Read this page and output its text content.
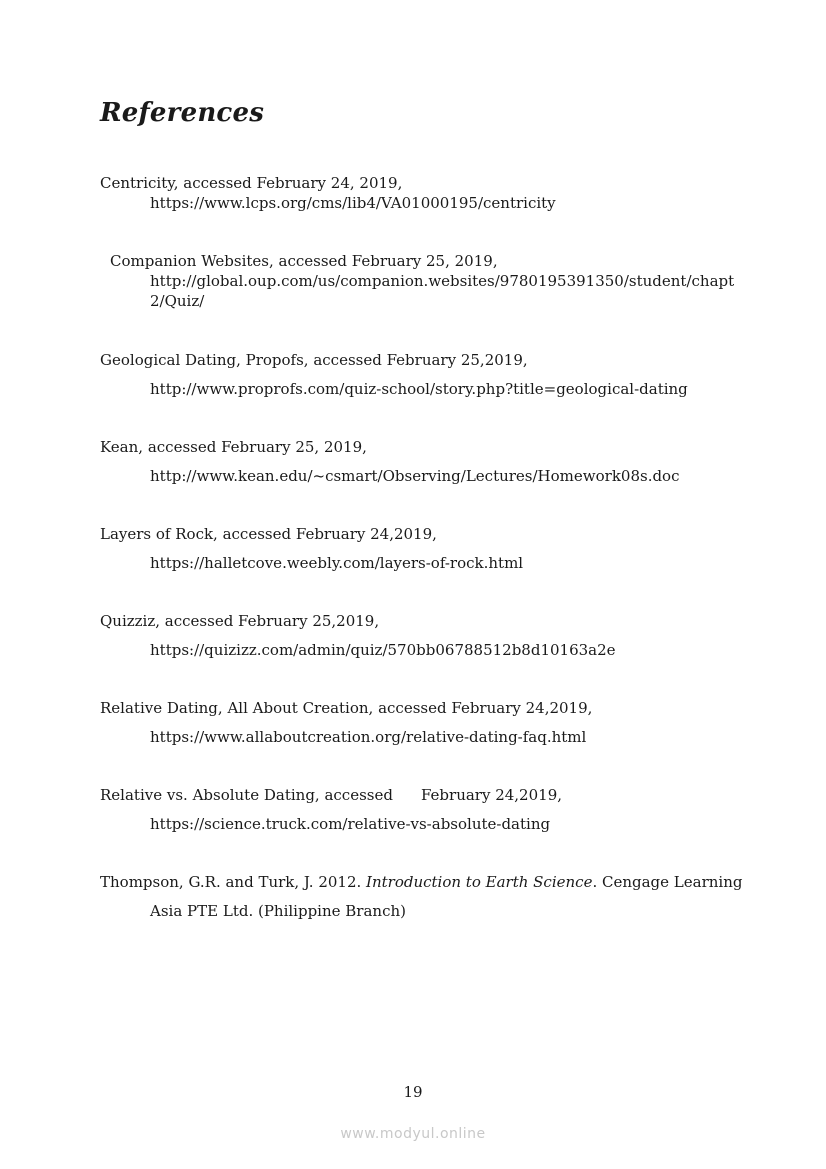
References
Centricity, accessed February 24, 2019,
https://www.lcps.org/cms/lib4/VA01000195/centricity
Companion Websites, accessed February 25, 2019,
http://global.oup.com/us/companion.websites/9780195391350/student/chapt2/Quiz/
Geological Dating, Propofs, accessed February 25,2019,
http://www.proprofs.com/quiz-school/story.php?title=geological-dating
Kean, accessed February 25, 2019,
http://www.kean.edu/~csmart/Observing/Lectures/Homework08s.doc
Layers of Rock, accessed February 24,2019,
https://halletcove.weebly.com/layers-of-rock.html
Quizziz, accessed February 25,2019,
https://quizizz.com/admin/quiz/570bb06788512b8d10163a2e
Relative Dating, All About Creation, accessed February 24,2019,
https://www.allaboutcreation.org/relative-dating-faq.html
Relative vs. Absolute Dating, accessed February 24,2019,
https://science.truck.com/relative-vs-absolute-dating
Thompson, G.R. and Turk, J. 2012. Introduction to Earth Science. Cengage Learning
Asia PTE Ltd. (Philippine Branch)
19
www.modyul.online
